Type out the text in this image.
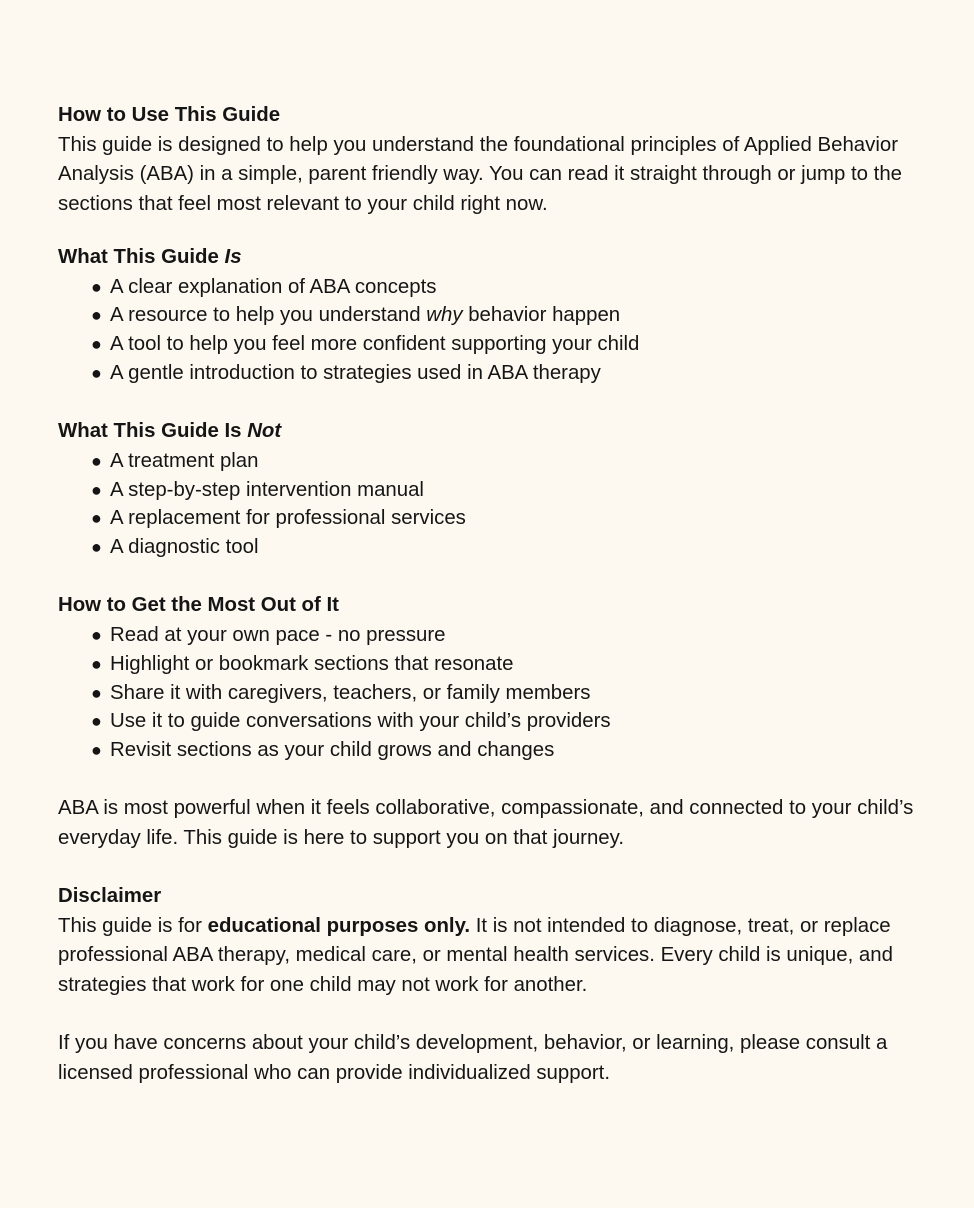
How to Use This Guide

This guide is designed to help you understand the foundational principles of Applied Behavior Analysis (ABA) in a simple, parent friendly way. You can read it straight through or jump to the sections that feel most relevant to your child right now.

What This Guide Is

● A clear explanation of ABA concepts
● A resource to help you understand why behavior happen
● A tool to help you feel more confident supporting your child
● A gentle introduction to strategies used in ABA therapy

What This Guide Is Not

● A treatment plan
● A step-by-step intervention manual
● A replacement for professional services
● A diagnostic tool

How to Get the Most Out of It

● Read at your own pace - no pressure
● Highlight or bookmark sections that resonate
● Share it with caregivers, teachers, or family members
● Use it to guide conversations with your child’s providers
● Revisit sections as your child grows and changes

ABA is most powerful when it feels collaborative, compassionate, and connected to your child’s everyday life. This guide is here to support you on that journey.

Disclaimer

This guide is for educational purposes only. It is not intended to diagnose, treat, or replace professional ABA therapy, medical care, or mental health services. Every child is unique, and strategies that work for one child may not work for another.

If you have concerns about your child’s development, behavior, or learning, please consult a licensed professional who can provide individualized support.
